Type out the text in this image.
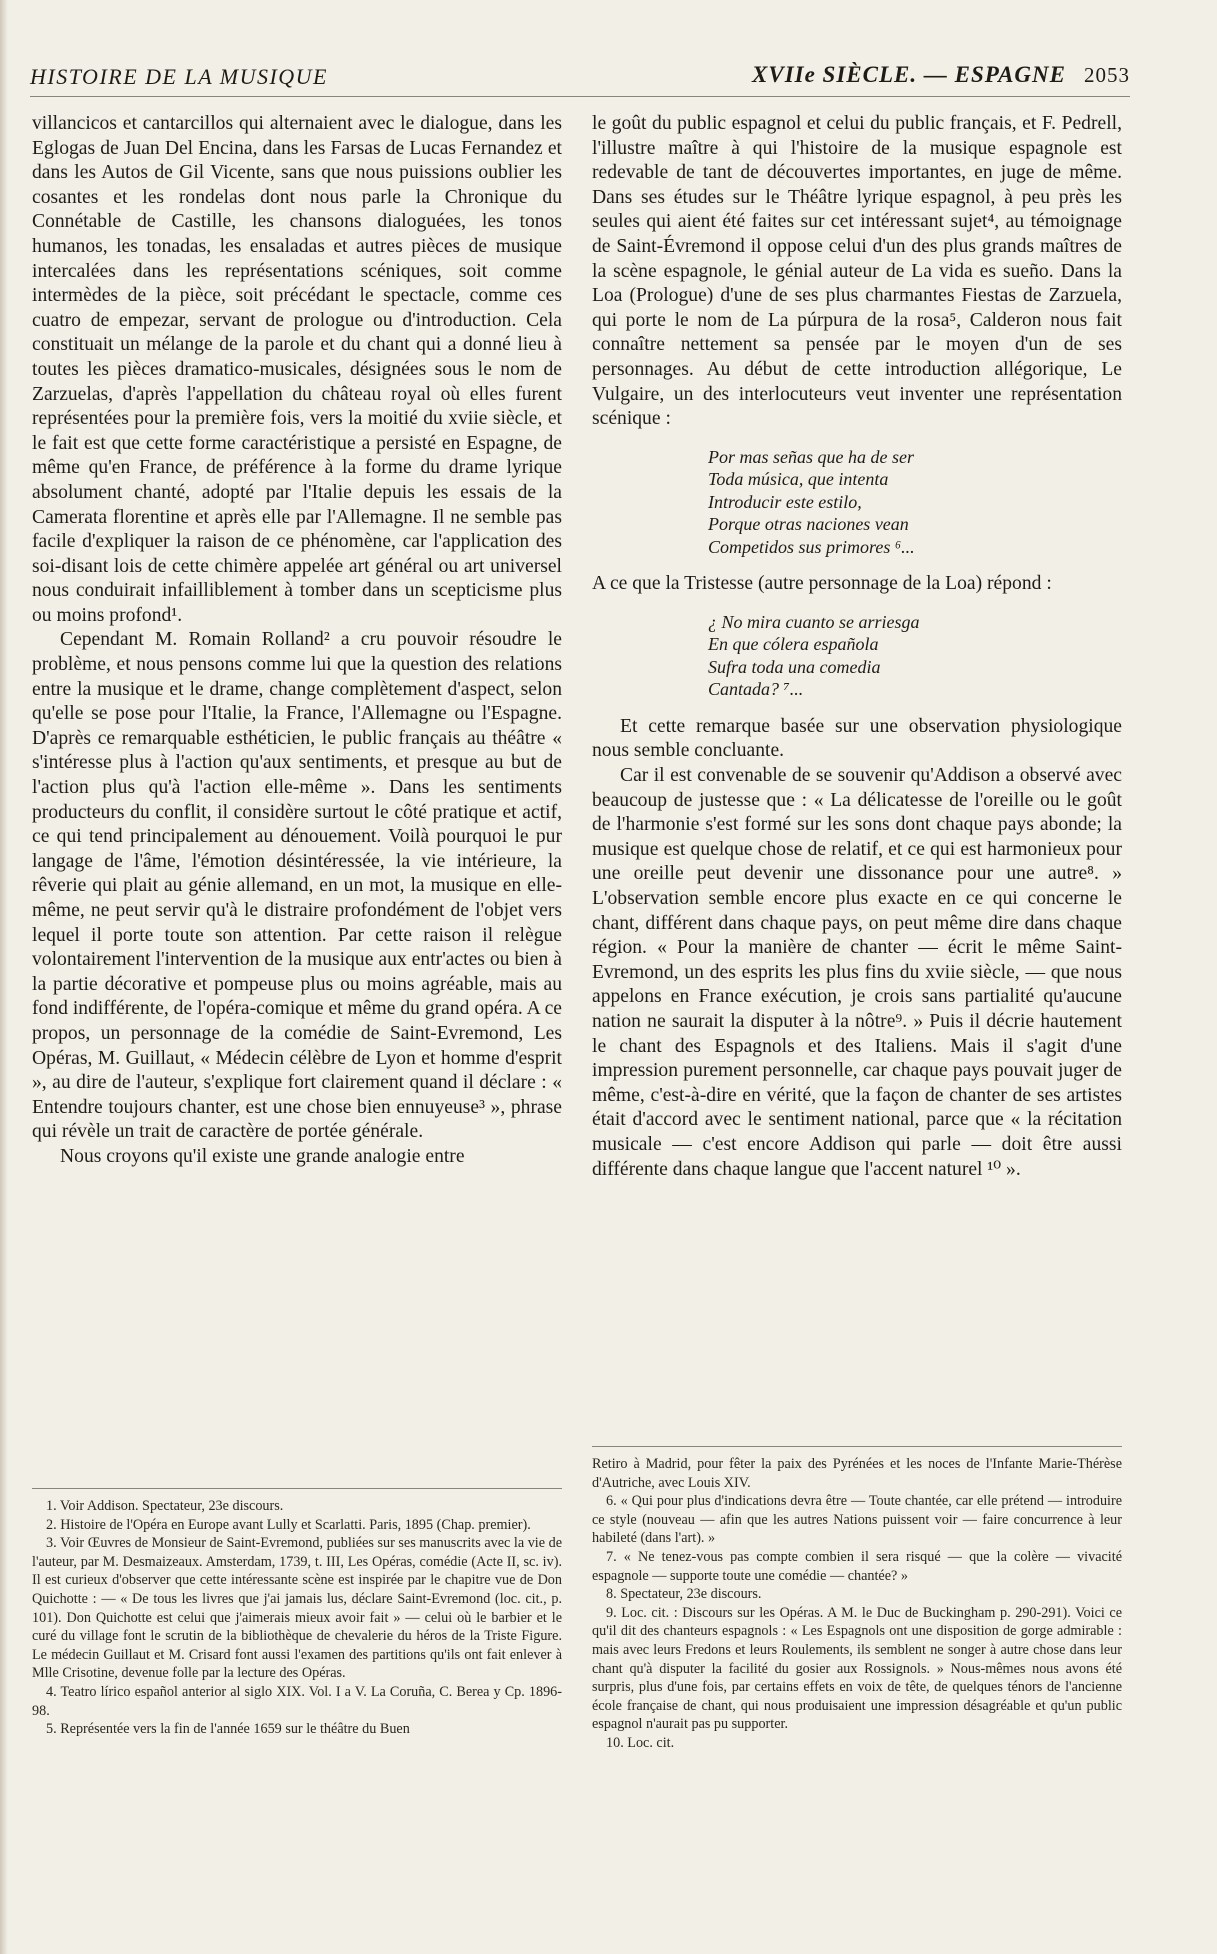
HISTOIRE DE LA MUSIQUE	XVIIe SIÈCLE. — ESPAGNE 2053

villancicos et cantarcillos qui alternaient avec le dialogue, dans les Eglogas de Juan Del Encina, dans les Farsas de Lucas Fernandez et dans les Autos de Gil Vicente, sans que nous puissions oublier les cosantes et les rondelas dont nous parle la Chronique du Connétable de Castille, les chansons dialoguées, les tonos humanos, les tonadas, les ensaladas et autres pièces de musique intercalées dans les représentations scéniques, soit comme intermèdes de la pièce, soit précédant le spectacle, comme ces cuatro de empezar, servant de prologue ou d'introduction. Cela constituait un mélange de la parole et du chant qui a donné lieu à toutes les pièces dramatico-musicales, désignées sous le nom de Zarzuelas, d'après l'appellation du château royal où elles furent représentées pour la première fois, vers la moitié du xviie siècle, et le fait est que cette forme caractéristique a persisté en Espagne, de même qu'en France, de préférence à la forme du drame lyrique absolument chanté, adopté par l'Italie depuis les essais de la Camerata florentine et après elle par l'Allemagne. Il ne semble pas facile d'expliquer la raison de ce phénomène, car l'application des soi-disant lois de cette chimère appelée art général ou art universel nous conduirait infailliblement à tomber dans un scepticisme plus ou moins profond¹.

Cependant M. Romain Rolland² a cru pouvoir résoudre le problème, et nous pensons comme lui que la question des relations entre la musique et le drame, change complètement d'aspect, selon qu'elle se pose pour l'Italie, la France, l'Allemagne ou l'Espagne. D'après ce remarquable esthéticien, le public français au théâtre « s'intéresse plus à l'action qu'aux sentiments, et presque au but de l'action plus qu'à l'action elle-même ». Dans les sentiments producteurs du conflit, il considère surtout le côté pratique et actif, ce qui tend principalement au dénouement. Voilà pourquoi le pur langage de l'âme, l'émotion désintéressée, la vie intérieure, la rêverie qui plait au génie allemand, en un mot, la musique en elle-même, ne peut servir qu'à le distraire profondément de l'objet vers lequel il porte toute son attention. Par cette raison il relègue volontairement l'intervention de la musique aux entr'actes ou bien à la partie décorative et pompeuse plus ou moins agréable, mais au fond indifférente, de l'opéra-comique et même du grand opéra. A ce propos, un personnage de la comédie de Saint-Evremond, Les Opéras, M. Guillaut, « Médecin célèbre de Lyon et homme d'esprit », au dire de l'auteur, s'explique fort clairement quand il déclare : « Entendre toujours chanter, est une chose bien ennuyeuse³ », phrase qui révèle un trait de caractère de portée générale.

Nous croyons qu'il existe une grande analogie entre

le goût du public espagnol et celui du public français, et F. Pedrell, l'illustre maître à qui l'histoire de la musique espagnole est redevable de tant de découvertes importantes, en juge de même. Dans ses études sur le Théâtre lyrique espagnol, à peu près les seules qui aient été faites sur cet intéressant sujet⁴, au témoignage de Saint-Évremond il oppose celui d'un des plus grands maîtres de la scène espagnole, le génial auteur de La vida es sueño. Dans la Loa (Prologue) d'une de ses plus charmantes Fiestas de Zarzuela, qui porte le nom de La púrpura de la rosa⁵, Calderon nous fait connaître nettement sa pensée par le moyen d'un de ses personnages. Au début de cette introduction allégorique, Le Vulgaire, un des interlocuteurs veut inventer une représentation scénique :

Por mas señas que ha de ser
Toda música, que intenta
Introducir este estilo,
Porque otras naciones vean
Competidos sus primores ⁶...

A ce que la Tristesse (autre personnage de la Loa) répond :

¿ No mira cuanto se arriesga
En que cólera española
Sufra toda una comedia
Cantada? ⁷...

Et cette remarque basée sur une observation physiologique nous semble concluante.

Car il est convenable de se souvenir qu'Addison a observé avec beaucoup de justesse que : « La délicatesse de l'oreille ou le goût de l'harmonie s'est formé sur les sons dont chaque pays abonde; la musique est quelque chose de relatif, et ce qui est harmonieux pour une oreille peut devenir une dissonance pour une autre⁸. » L'observation semble encore plus exacte en ce qui concerne le chant, différent dans chaque pays, on peut même dire dans chaque région. « Pour la manière de chanter — écrit le même Saint-Evremond, un des esprits les plus fins du xviie siècle, — que nous appelons en France exécution, je crois sans partialité qu'aucune nation ne saurait la disputer à la nôtre⁹. » Puis il décrie hautement le chant des Espagnols et des Italiens. Mais il s'agit d'une impression purement personnelle, car chaque pays pouvait juger de même, c'est-à-dire en vérité, que la façon de chanter de ses artistes était d'accord avec le sentiment national, parce que « la récitation musicale — c'est encore Addison qui parle — doit être aussi différente dans chaque langue que l'accent naturel ¹⁰ ».

1. Voir Addison. Spectateur, 23e discours.

2. Histoire de l'Opéra en Europe avant Lully et Scarlatti. Paris, 1895 (Chap. premier).

3. Voir Œuvres de Monsieur de Saint-Evremond, publiées sur ses manuscrits avec la vie de l'auteur, par M. Desmaizeaux. Amsterdam, 1739, t. III, Les Opéras, comédie (Acte II, sc. iv). Il est curieux d'observer que cette intéressante scène est inspirée par le chapitre vue de Don Quichotte : — « De tous les livres que j'ai jamais lus, déclare Saint-Evremond (loc. cit., p. 101). Don Quichotte est celui que j'aimerais mieux avoir fait » — celui où le barbier et le curé du village font le scrutin de la bibliothèque de chevalerie du héros de la Triste Figure. Le médecin Guillaut et M. Crisard font aussi l'examen des partitions qu'ils ont fait enlever à Mlle Crisotine, devenue folle par la lecture des Opéras.

4. Teatro lírico español anterior al siglo XIX. Vol. I a V. La Coruña, C. Berea y Cp. 1896-98.

5. Représentée vers la fin de l'année 1659 sur le théâtre du Buen

Retiro à Madrid, pour fêter la paix des Pyrénées et les noces de l'Infante Marie-Thérèse d'Autriche, avec Louis XIV.

6. « Qui pour plus d'indications devra être — Toute chantée, car elle prétend — introduire ce style (nouveau — afin que les autres Nations puissent voir — faire concurrence à leur habileté (dans l'art). »

7. « Ne tenez-vous pas compte combien il sera risqué — que la colère — vivacité espagnole — supporte toute une comédie — chantée? »

8. Spectateur, 23e discours.

9. Loc. cit. : Discours sur les Opéras. A M. le Duc de Buckingham p. 290-291). Voici ce qu'il dit des chanteurs espagnols : « Les Espagnols ont une disposition de gorge admirable : mais avec leurs Fredons et leurs Roulements, ils semblent ne songer à autre chose dans leur chant qu'à disputer la facilité du gosier aux Rossignols. » Nous-mêmes nous avons été surpris, plus d'une fois, par certains effets en voix de tête, de quelques ténors de l'ancienne école française de chant, qui nous produisaient une impression désagréable et qu'un public espagnol n'aurait pas pu supporter.

10. Loc. cit.
